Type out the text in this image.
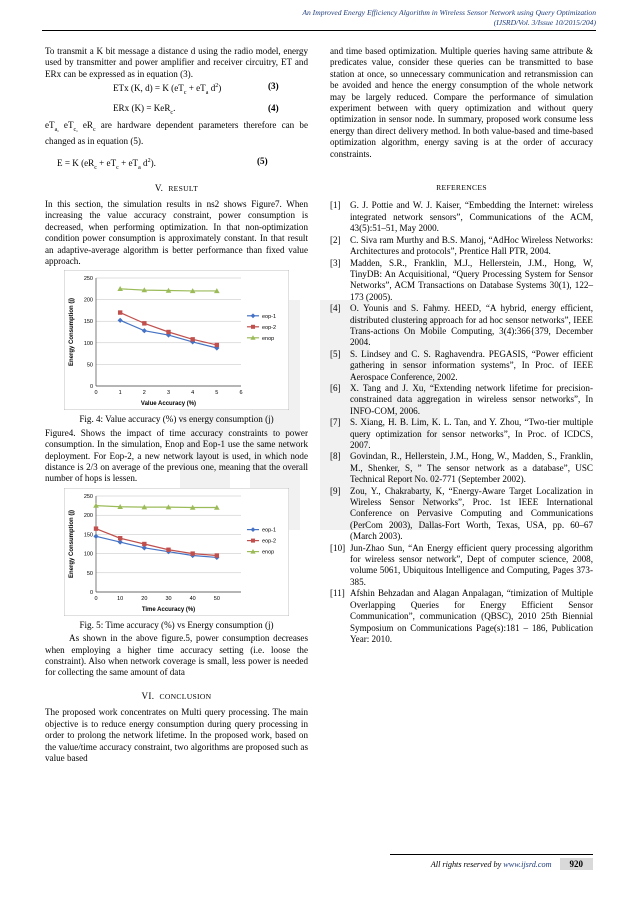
An Improved Energy Efficiency Algorithm in Wireless Sensor Network using Query Optimization
(IJSRD/Vol. 3/Issue 10/2015/204)

To transmit a K bit message a distance d using the radio model, energy used by transmitter and power amplifier and receiver circuitry, ET and ERx can be expressed as in equation (3).

ETx (K, d) = K ($eT_c + eT_a$ $d^2$)	(3)
ERx (K) = KeR$_c$.	(4)

$eT_{a,}$ $eT_{c,}$ $eR_c$ are hardware dependent parameters therefore can be changed as in equation (5).

E = K ($eR_c + eT_c + eT_a$ $d^2$).	(5)
V. RESULT

In this section, the simulation results in ns2 shows Figure7. When increasing the value accuracy constraint, power consumption is decreased, when performing optimization. In that non-optimization condition power consumption is approximately constant. In that result an adaptive-average algorithm is better performance than fixed value approach.

0
50
100
150
200
250
0	1	2	3	4	5	6
Value Accuracy (%)
Energy Consumption (j)	eop-1
eop-2
enop
Fig. 4: Value accuracy (%) vs energy consumption (j)

Figure4. Shows the impact of time accuracy constraints to power consumption. In the simulation, Enop and Eop-1 use the same network deployment. For Eop-2, a new network layout is used, in which node distance is 2/3 on average of the previous one, meaning that the overall number of hops is lessen.

0
50
100
150
200
250
0	10	20	30	40	50
Time Accuracy (%)
Energy Consumption (j)	eop-1
eop-2
enop
Fig. 5: Time accuracy (%) vs Energy consumption (j)

As shown in the above figure.5, power consumption decreases when employing a higher time accuracy setting (i.e. loose the constraint). Also when network coverage is small, less power is needed for collecting the same amount of data

VI. CONCLUSION

The proposed work concentrates on Multi query processing. The main objective is to reduce energy consumption during query processing in order to prolong the network lifetime. In the proposed work, based on the value/time accuracy constraint, two algorithms are proposed such as value based

and time based optimization. Multiple queries having same attribute & predicates value, consider these queries can be transmitted to base station at once, so unnecessary communication and retransmission can be avoided and hence the energy consumption of the whole network may be largely reduced. Compare the performance of simulation experiment between with query optimization and without query optimization in sensor node. In summary, proposed work consume less energy than direct delivery method. In both value-based and time-based optimization algorithm, energy saving is at the order of accuracy constraints.

REFERENCES
[1]	G. J. Pottie and W. J. Kaiser, “Embedding the Internet: wireless integrated network sensors”, Communications of the ACM, 43(5):51–51, May 2000.
[2]	C. Siva ram Murthy and B.S. Manoj, “AdHoc Wireless Networks: Architectures and protocols”, Prentice Hall PTR, 2004.
[3]	Madden, S.R., Franklin, M.J., Hellerstein, J.M., Hong, W, TinyDB: An Acquisitional, “Query Processing System for Sensor Networks”, ACM Transactions on Database Systems 30(1), 122–173 (2005).
[4]	O. Younis and S. Fahmy. HEED, “A hybrid, energy efficient, distributed clustering approach for ad hoc sensor networks”, IEEE Trans-actions On Mobile Computing, 3(4):366{379, December 2004.
[5]	S. Lindsey and C. S. Raghavendra. PEGASIS, “Power efficient gathering in sensor information systems”, In Proc. of IEEE Aerospace Conference, 2002.
[6]	X. Tang and J. Xu, “Extending network lifetime for precision- constrained data aggregation in wireless sensor networks”, In INFO-COM, 2006.
[7]	S. Xiang, H. B. Lim, K. L. Tan, and Y. Zhou, “Two-tier multiple query optimization for sensor networks”, In Proc. of ICDCS, 2007.
[8]	Govindan, R., Hellerstein, J.M., Hong, W., Madden, S., Franklin, M., Shenker, S, ” The sensor network as a database”, USC Technical Report No. 02-771 (September 2002).
[9]	Zou, Y., Chakrabarty, K, “Energy-Aware Target Localization in Wireless Sensor Networks”, Proc. 1st IEEE International Conference on Pervasive Computing and Communications (PerCom 2003), Dallas-Fort Worth, Texas, USA, pp. 60–67 (March 2003).
[10] Jun-Zhao Sun, “An Energy efficient query processing algorithm for wireless sensor network”, Dept of computer science, 2008, volume 5061, Ubiquitous Intelligence and Computing, Pages 373-385.
[11] Afshin Behzadan and Alagan Anpalagan, “timization of Multiple Overlapping Queries for Energy Efficient Sensor Communication”, communication (QBSC), 2010 25th Biennial Symposium on Communications Page(s):181 – 186, Publication Year: 2010.
All rights reserved by www.ijsrd.com 920
